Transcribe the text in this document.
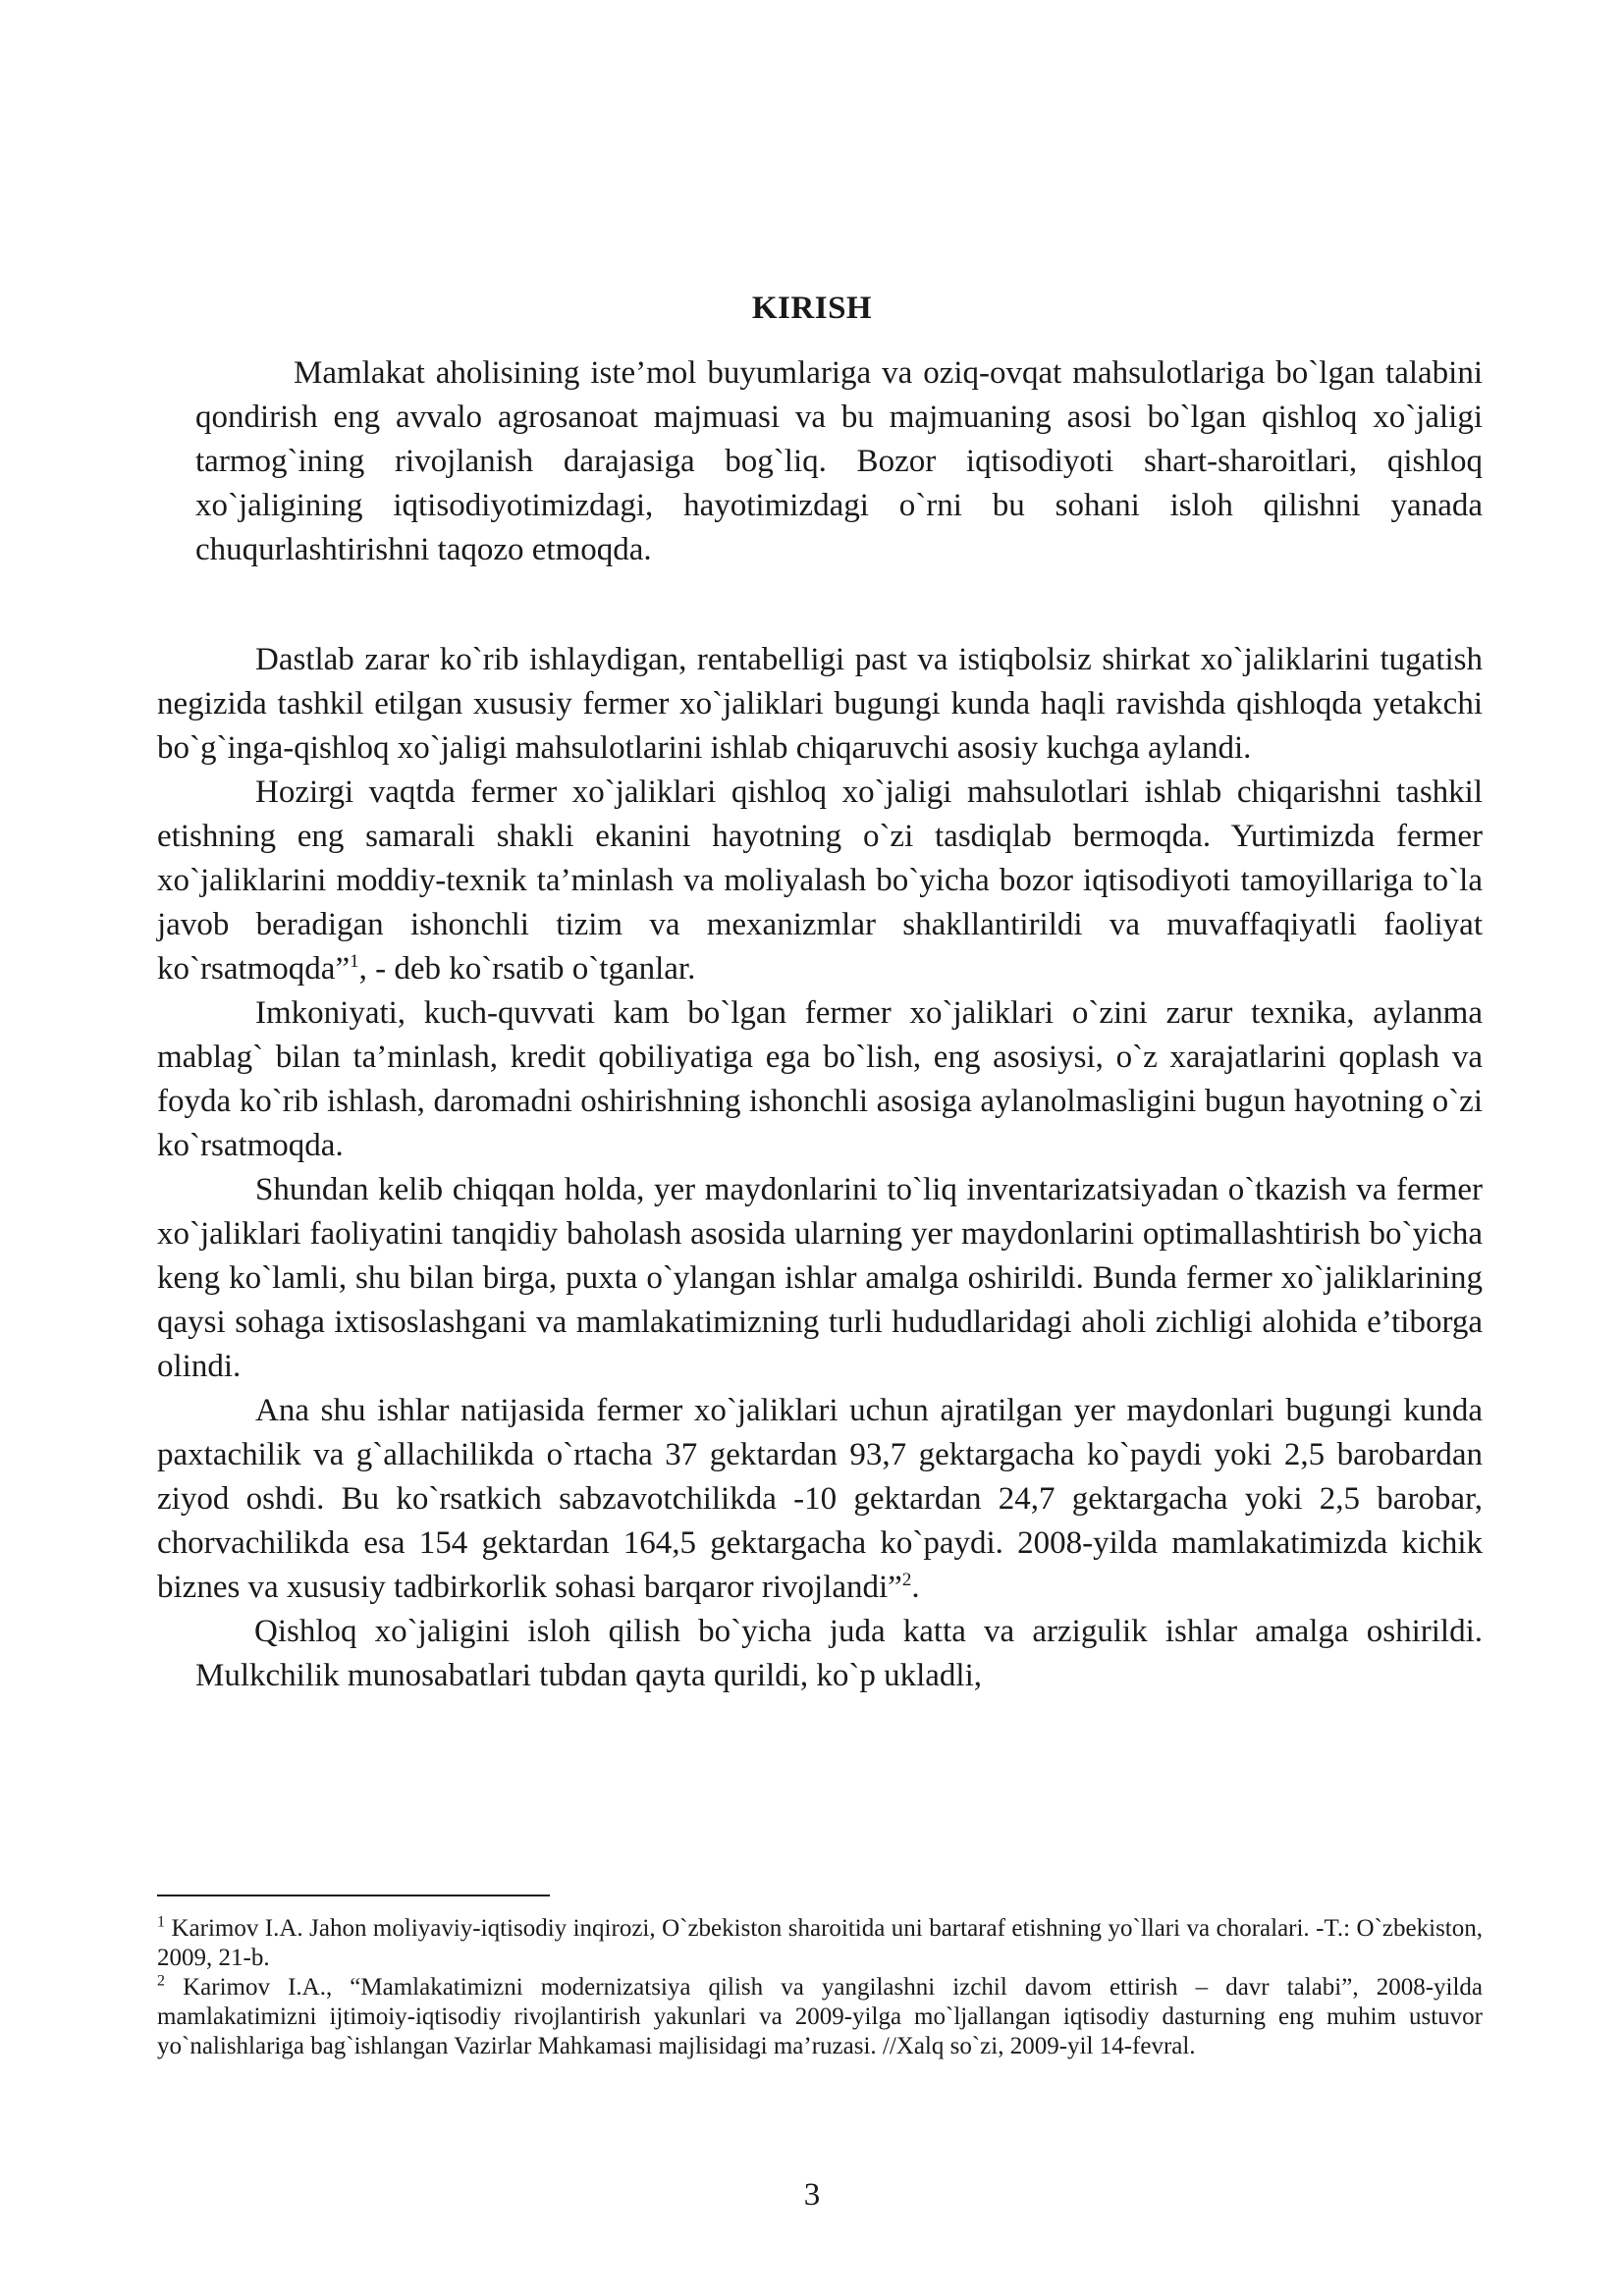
KIRISH

Mamlakat aholisining iste’mol buyumlariga va oziq-ovqat mahsulotlariga bo`lgan talabini qondirish eng avvalo agrosanoat majmuasi va bu majmuaning asosi bo`lgan qishloq xo`jaligi tarmog`ining rivojlanish darajasiga bog`liq. Bozor iqtisodiyoti shart-sharoitlari, qishloq xo`jaligining iqtisodiyotimizdagi, hayotimizdagi o`rni bu sohani isloh qilishni yanada chuqurlashtirishni taqozo etmoqda.

Dastlab zarar ko`rib ishlaydigan, rentabelligi past va istiqbolsiz shirkat xo`jaliklarini tugatish negizida tashkil etilgan xususiy fermer xo`jaliklari bugungi kunda haqli ravishda qishloqda yetakchi bo`g`inga-qishloq xo`jaligi mahsulotlarini ishlab chiqaruvchi asosiy kuchga aylandi.

Hozirgi vaqtda fermer xo`jaliklari qishloq xo`jaligi mahsulotlari ishlab chiqarishni tashkil etishning eng samarali shakli ekanini hayotning o`zi tasdiqlab bermoqda. Yurtimizda fermer xo`jaliklarini moddiy-texnik ta’minlash va moliyalash bo`yicha bozor iqtisodiyoti tamoyillariga to`la javob beradigan ishonchli tizim va mexanizmlar shakllantirildi va muvaffaqiyatli faoliyat ko`rsatmoqda”$^1$, - deb ko`rsatib o`tganlar.

Imkoniyati, kuch-quvvati kam bo`lgan fermer xo`jaliklari o`zini zarur texnika, aylanma mablag` bilan ta’minlash, kredit qobiliyatiga ega bo`lish, eng asosiysi, o`z xarajatlarini qoplash va foyda ko`rib ishlash, daromadni oshirishning ishonchli asosiga aylanolmasligini bugun hayotning o`zi ko`rsatmoqda.

Shundan kelib chiqqan holda, yer maydonlarini to`liq inventarizatsiyadan o`tkazish va fermer xo`jaliklari faoliyatini tanqidiy baholash asosida ularning yer maydonlarini optimallashtirish bo`yicha keng ko`lamli, shu bilan birga, puxta o`ylangan ishlar amalga oshirildi. Bunda fermer xo`jaliklarining qaysi sohaga ixtisoslashgani va mamlakatimizning turli hududlaridagi aholi zichligi alohida e’tiborga olindi.

Ana shu ishlar natijasida fermer xo`jaliklari uchun ajratilgan yer maydonlari bugungi kunda paxtachilik va g`allachilikda o`rtacha 37 gektardan 93,7 gektargacha ko`paydi yoki 2,5 barobardan ziyod oshdi. Bu ko`rsatkich sabzavotchilikda -10 gektardan 24,7 gektargacha yoki 2,5 barobar, chorvachilikda esa 154 gektardan 164,5 gektargacha ko`paydi. 2008-yilda mamlakatimizda kichik biznes va xususiy tadbirkorlik sohasi barqaror rivojlandi”$^2$.

Qishloq xo`jaligini isloh qilish bo`yicha juda katta va arzigulik ishlar amalga oshirildi. Mulkchilik munosabatlari tubdan qayta qurildi, ko`p ukladli,

$^1$ Karimov I.A. Jahon moliyaviy-iqtisodiy inqirozi, O`zbekiston sharoitida uni bartaraf etishning yo`llari va choralari. -T.: O`zbekiston, 2009, 21-b.

$^2$ Karimov I.A., “Mamlakatimizni modernizatsiya qilish va yangilashni izchil davom ettirish – davr talabi”, 2008-yilda mamlakatimizni ijtimoiy-iqtisodiy rivojlantirish yakunlari va 2009-yilga mo`ljallangan iqtisodiy dasturning eng muhim ustuvor yo`nalishlariga bag`ishlangan Vazirlar Mahkamasi majlisidagi ma’ruzasi. //Xalq so`zi, 2009-yil 14-fevral.

3
